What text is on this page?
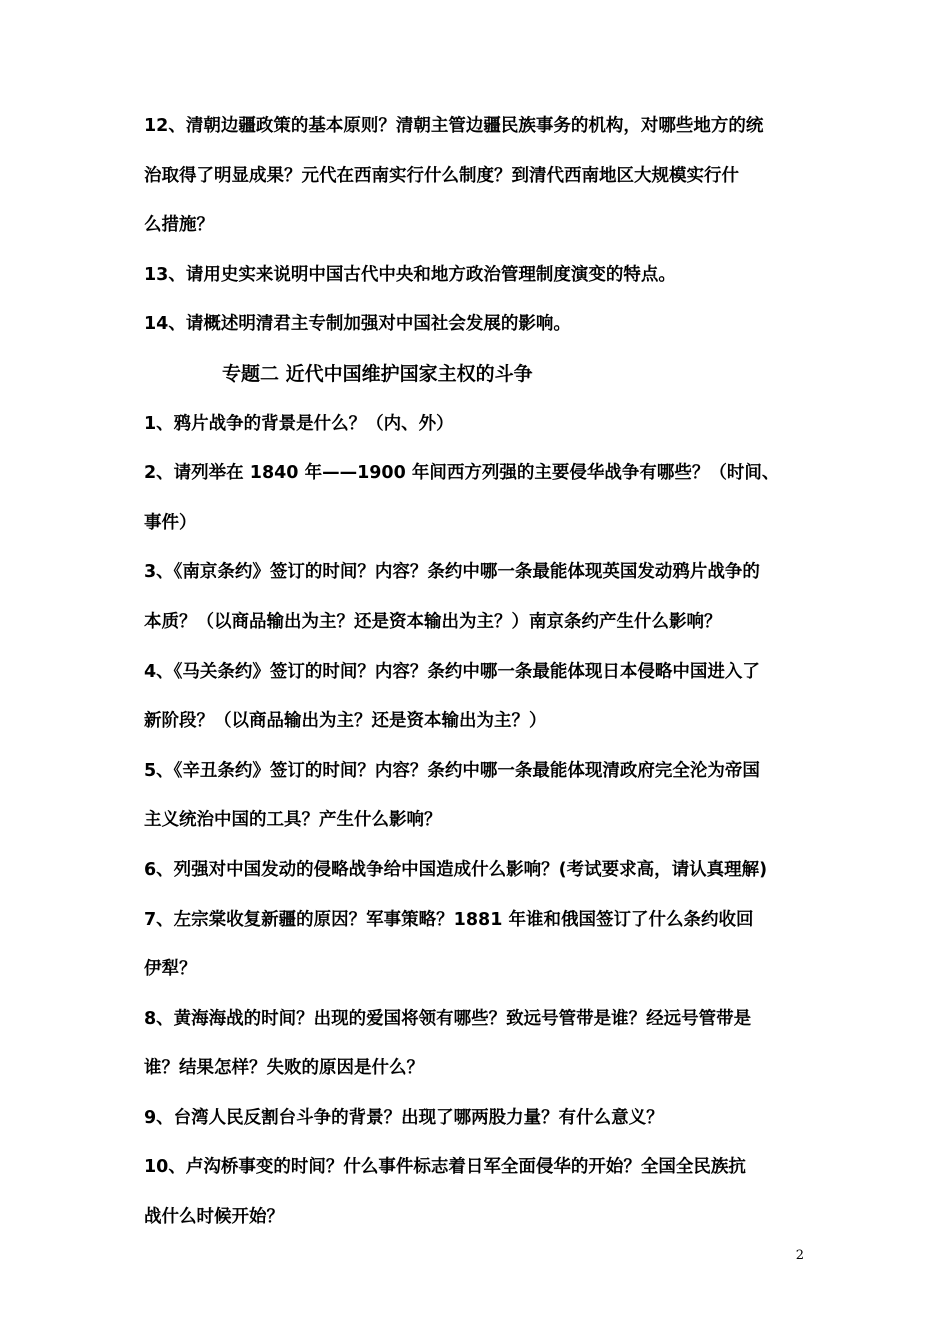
12、清朝边疆政策的基本原则？清朝主管边疆民族事务的机构，对哪些地方的统
治取得了明显成果？元代在西南实行什么制度？到清代西南地区大规模实行什
么措施？
13、请用史实来说明中国古代中央和地方政治管理制度演变的特点。
14、请概述明清君主专制加强对中国社会发展的影响。
专题二 近代中国维护国家主权的斗争
1、鸦片战争的背景是什么？（内、外）
2、请列举在 1840 年——1900 年间西方列强的主要侵华战争有哪些？（时间、
事件）
3、《南京条约》签订的时间？内容？条约中哪一条最能体现英国发动鸦片战争的
本质？（以商品输出为主？还是资本输出为主？）南京条约产生什么影响？
4、《马关条约》签订的时间？内容？条约中哪一条最能体现日本侵略中国进入了
新阶段？（以商品输出为主？还是资本输出为主？）
5、《辛丑条约》签订的时间？内容？条约中哪一条最能体现清政府完全沦为帝国
主义统治中国的工具？产生什么影响？
6、列强对中国发动的侵略战争给中国造成什么影响？(考试要求高，请认真理解)
7、左宗棠收复新疆的原因？军事策略？1881 年谁和俄国签订了什么条约收回
伊犁？
8、黄海海战的时间？出现的爱国将领有哪些？致远号管带是谁？经远号管带是
谁？结果怎样？失败的原因是什么？
9、台湾人民反割台斗争的背景？出现了哪两股力量？有什么意义？
10、卢沟桥事变的时间？什么事件标志着日军全面侵华的开始？全国全民族抗
战什么时候开始？
2
